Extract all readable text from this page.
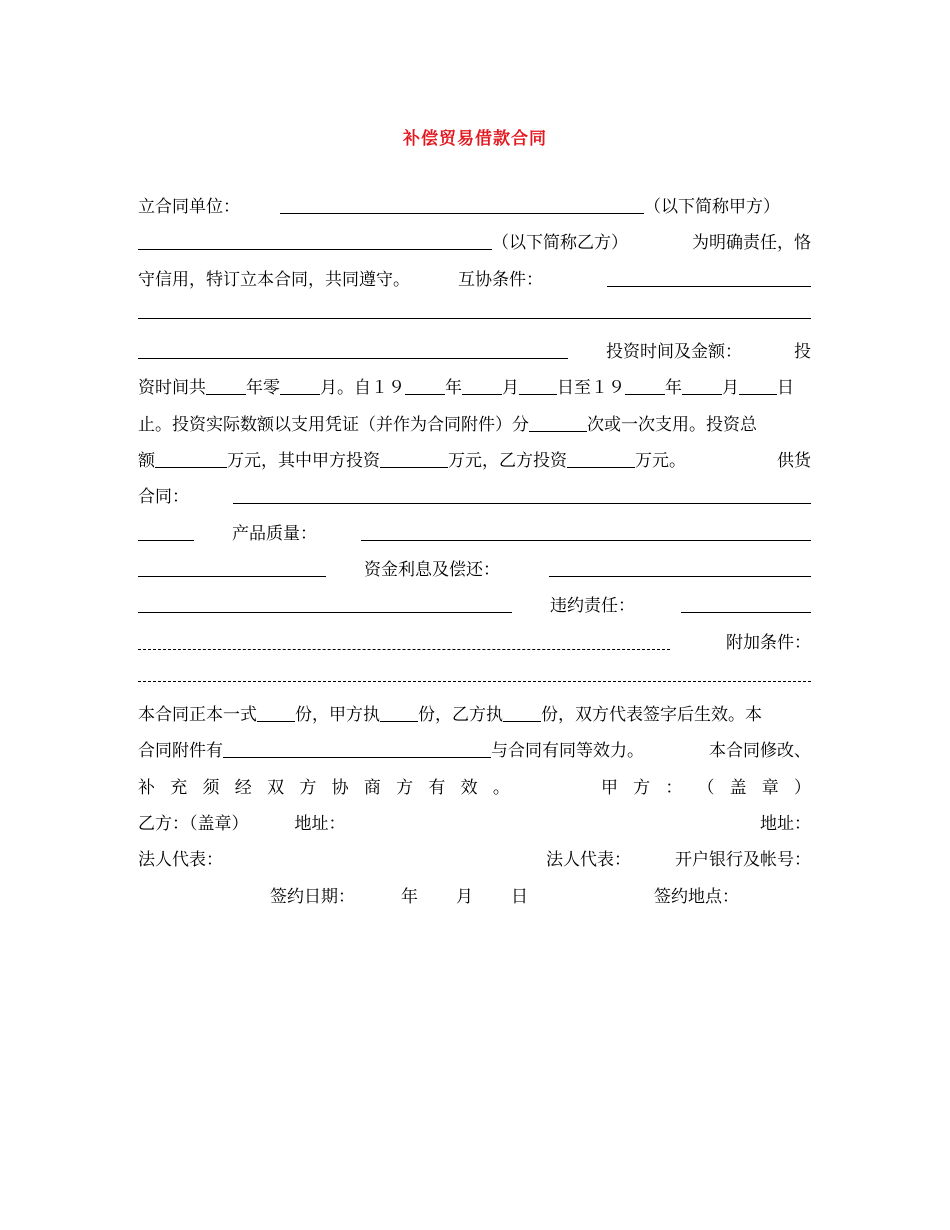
补偿贸易借款合同
立合同单位：	（以下简称甲方）
（以下简称乙方）	为明确责任，恪
守信用，特订立本合同，共同遵守。	互协条件：
投资时间及金额：	投
资时间共 年零 月。自１９ 年 月 日至１９ 年 月 日
止。投资实际数额以支用凭证（并作为合同附件）分	次或一次支用。投资总
额	万元，其中甲方投资	万元，乙方投资	万元。	供货
合同：
产品质量：
资金利息及偿还：
违约责任：
附加条件：
本合同正本一式 份，甲方执 份，乙方执 份，双方代表签字后生效。本
合同附件有	与合同有同等效力。	本合同修改、
补 充 须 经 双 方 协 商 方 有 效 。	甲 方 ： （ 盖 章 ）
乙方：（盖章）	地址：	地址：
法人代表：	法人代表：	开户银行及帐号：
签约日期：	年 月 日	签约地点：
